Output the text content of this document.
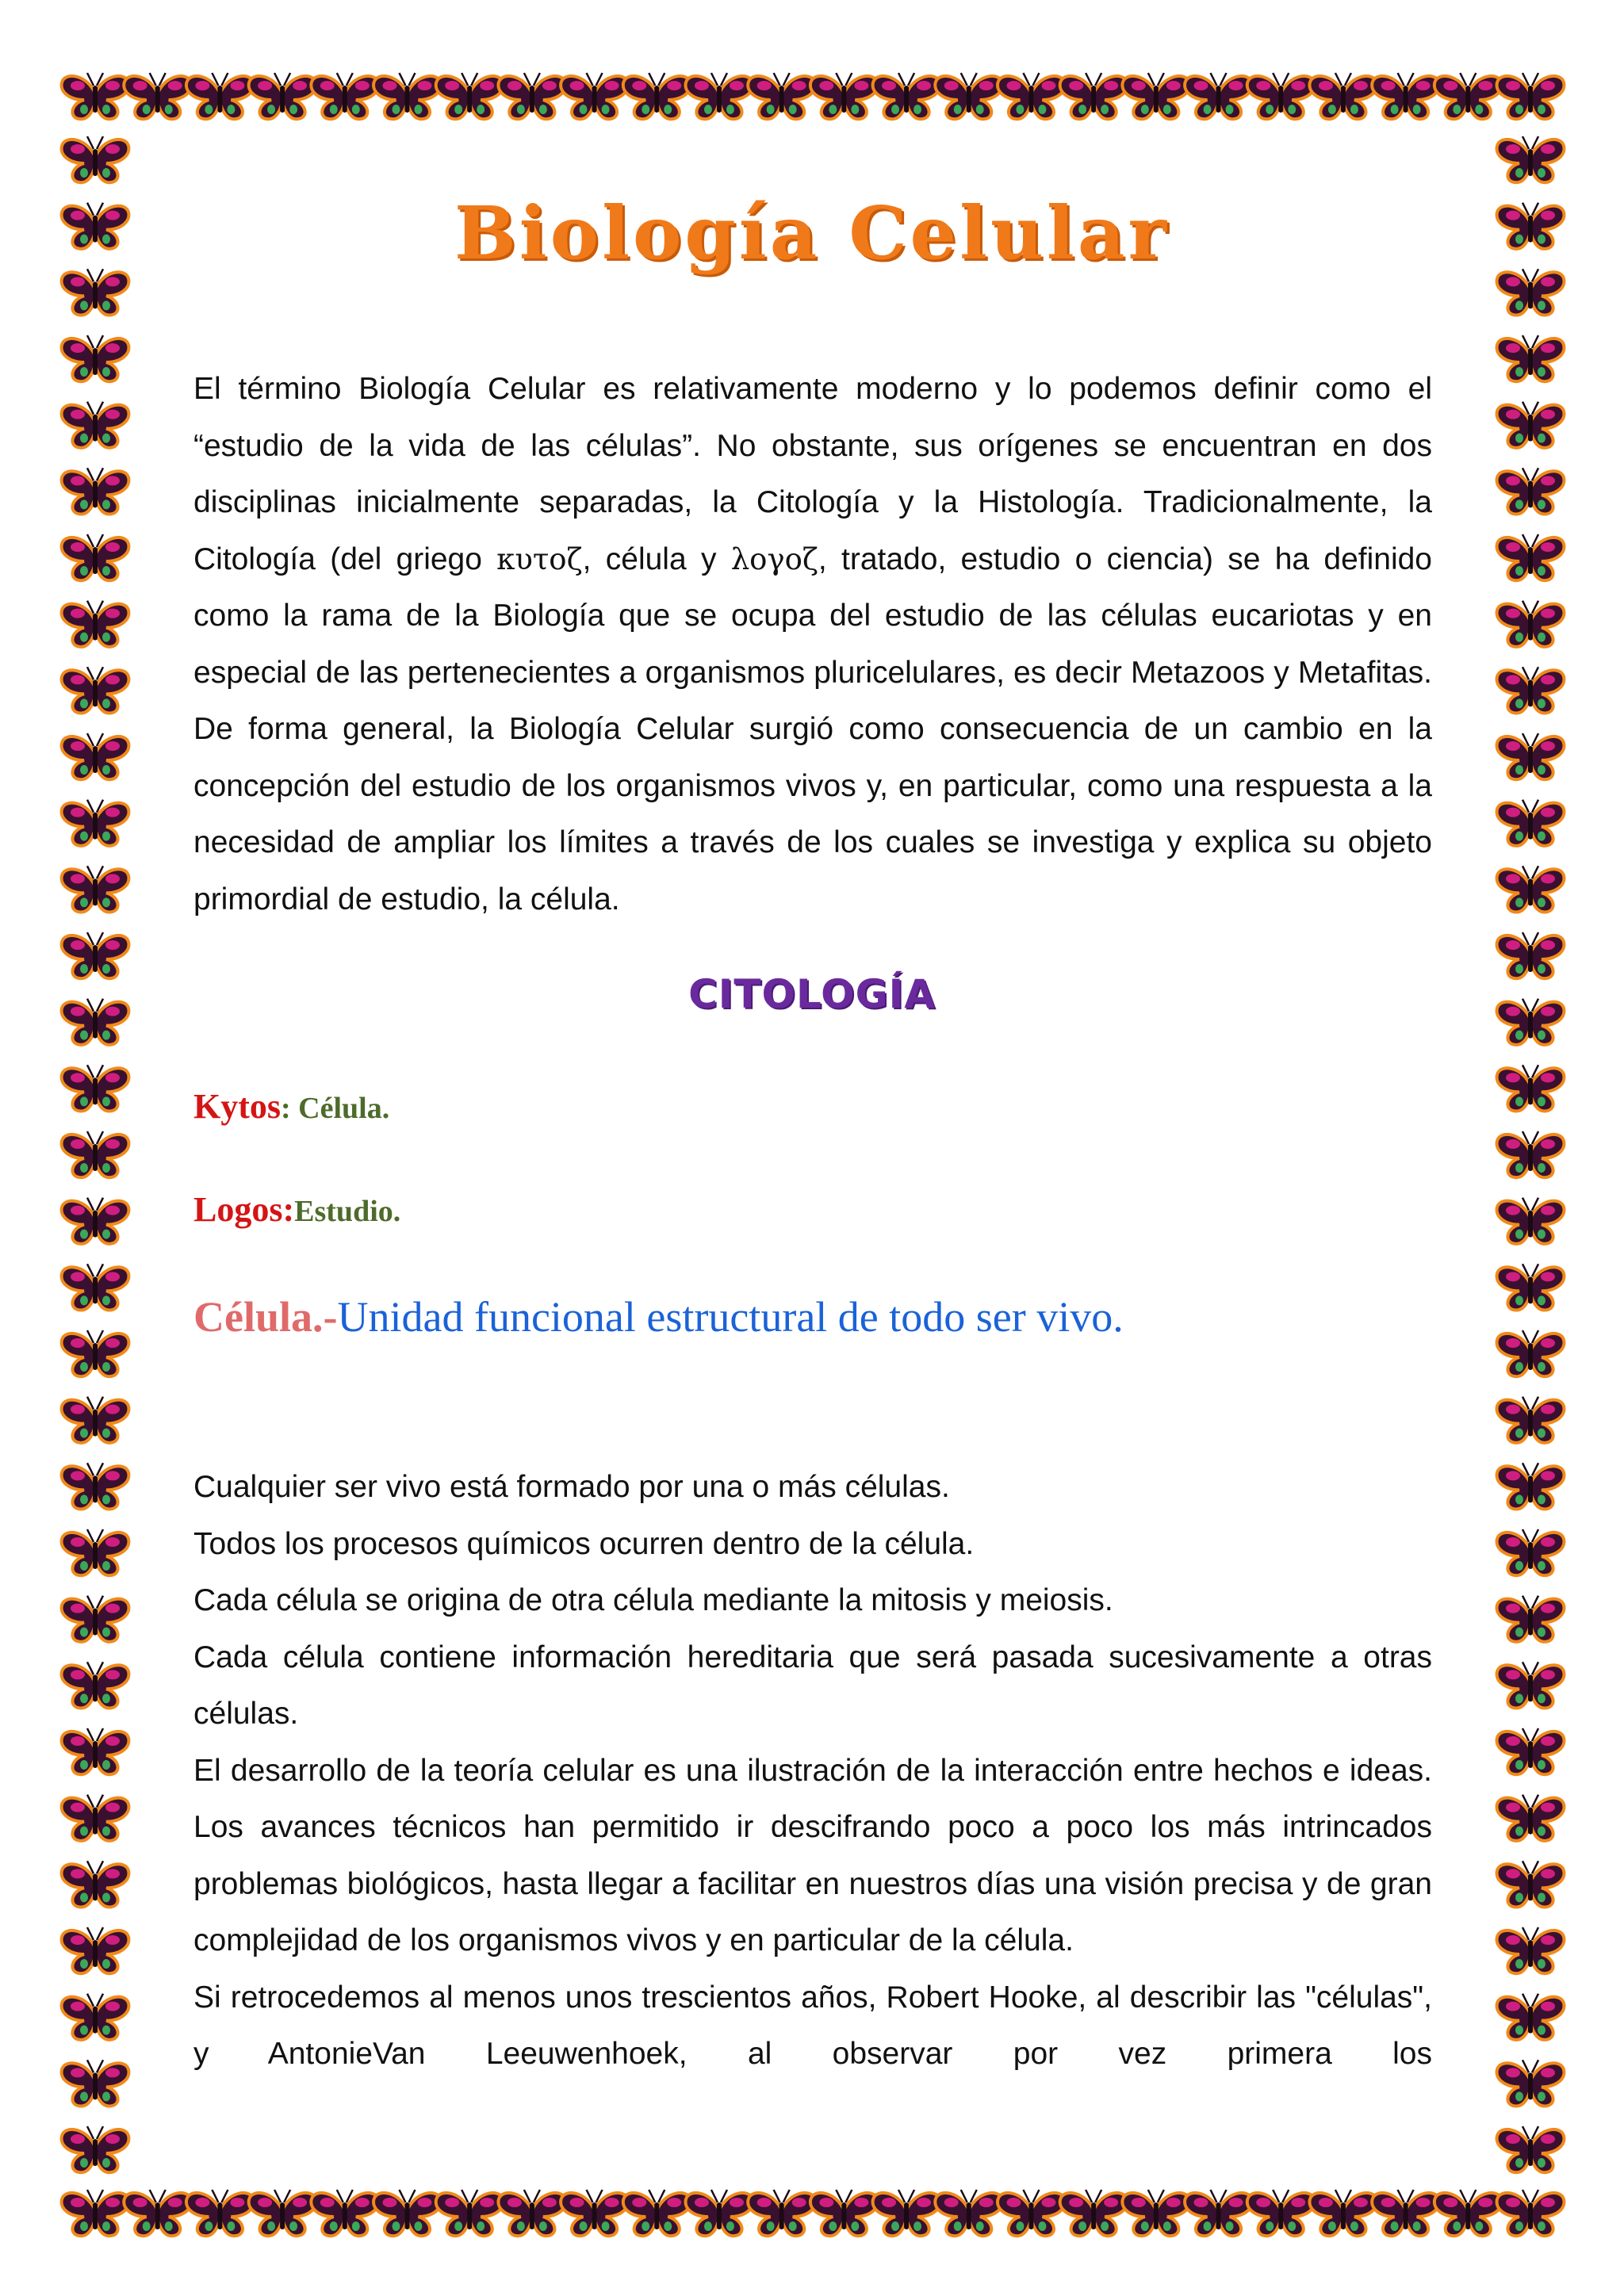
Biología Celular

El término Biología Celular es relativamente moderno y lo podemos definir como el “estudio de la vida de las células”. No obstante, sus orígenes se encuentran en dos disciplinas inicialmente separadas, la Citología y la Histología. Tradicionalmente, la Citología (del griego κυτοζ, célula y λογοζ, tratado, estudio o ciencia) se ha definido como la rama de la Biología que se ocupa del estudio de las células eucariotas y en especial de las pertenecientes a organismos pluricelulares, es decir Metazoos y Metafitas. De forma general, la Biología Celular surgió como consecuencia de un cambio en la concepción del estudio de los organismos vivos y, en particular, como una respuesta a la necesidad de ampliar los límites a través de los cuales se investiga y explica su objeto primordial de estudio, la célula.

CITOLOGÍA

Kytos: Célula.

Logos:Estudio.

Célula.-Unidad funcional estructural de todo ser vivo.

Cualquier ser vivo está formado por una o más células.

Todos los procesos químicos ocurren dentro de la célula.

Cada célula se origina de otra célula mediante la mitosis y meiosis.

Cada célula contiene información hereditaria que será pasada sucesivamente a otras células.

El desarrollo de la teoría celular es una ilustración de la interacción entre hechos e ideas. Los avances técnicos han permitido ir descifrando poco a poco los más intrincados problemas biológicos, hasta llegar a facilitar en nuestros días una visión precisa y de gran complejidad de los organismos vivos y en particular de la célula.

Si retrocedemos al menos unos trescientos años, Robert Hooke, al describir las "células", y AntonieVan Leeuwenhoek, al observar por vez primera los
